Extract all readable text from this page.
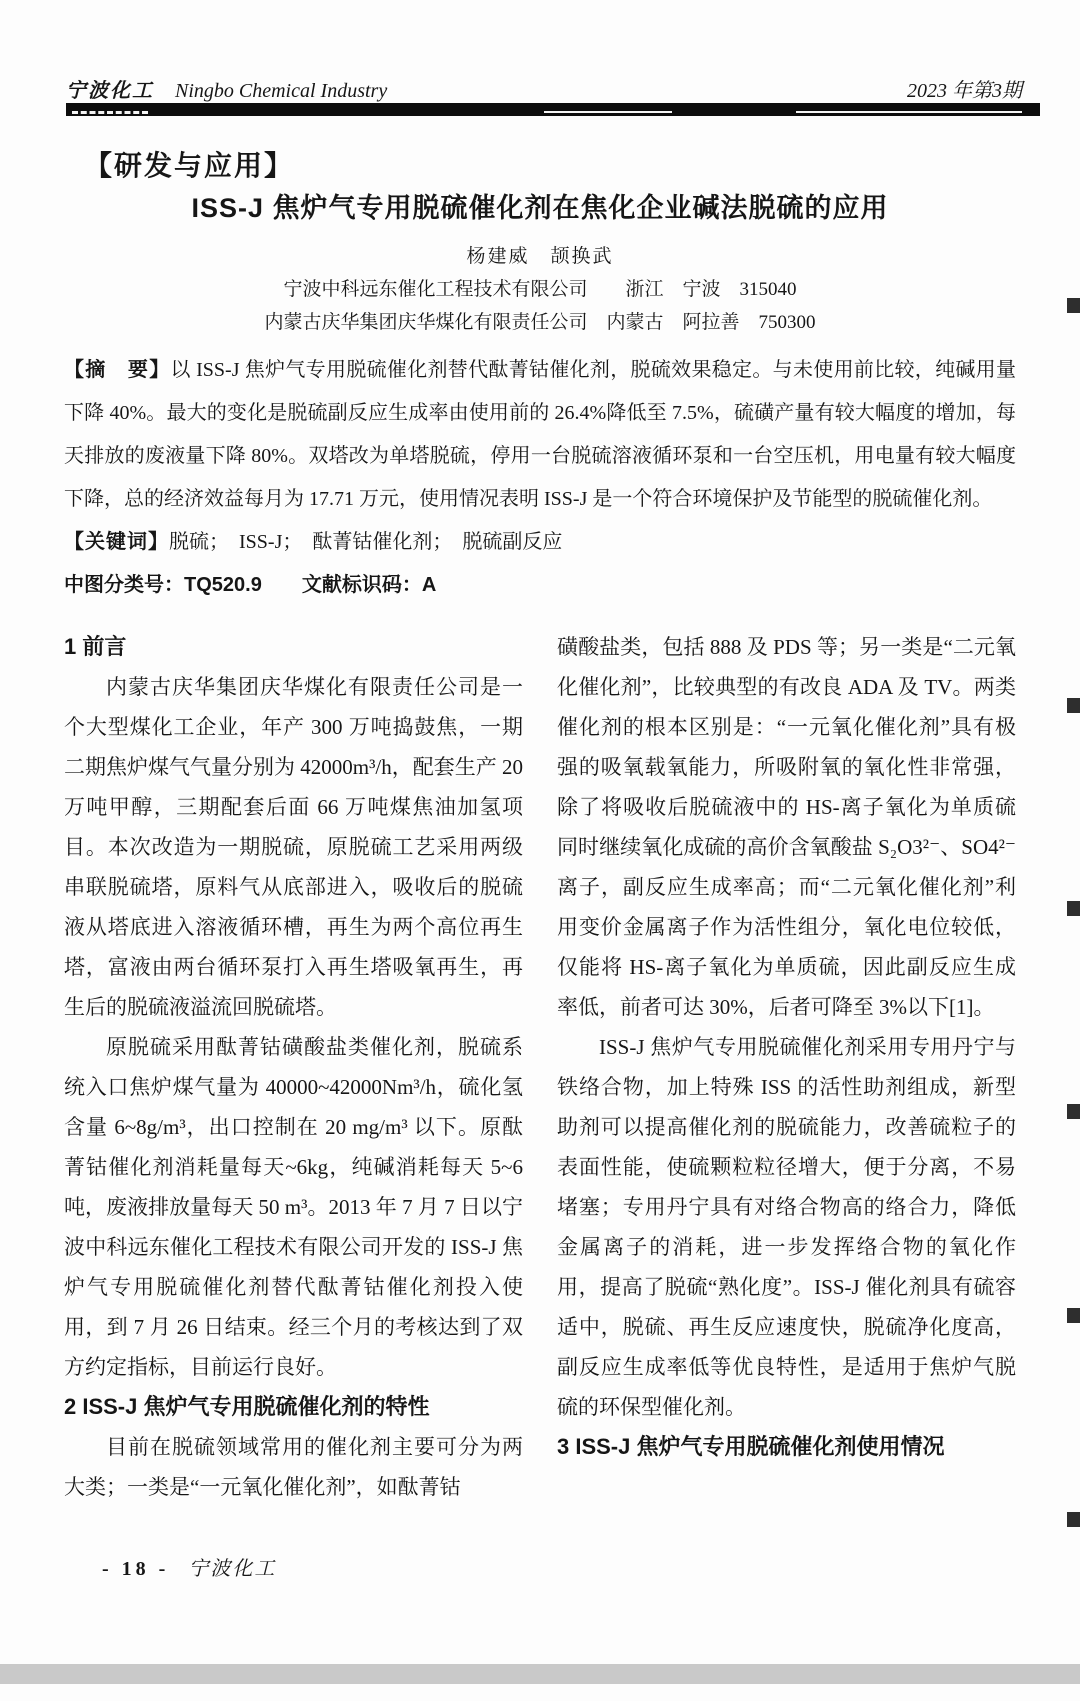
宁波化工 Ningbo Chemical Industry	2023 年第3期
【研发与应用】
ISS-J 焦炉气专用脱硫催化剂在焦化企业碱法脱硫的应用
杨建威　颉换武
宁波中科远东催化工程技术有限公司　　浙江　宁波　315040
内蒙古庆华集团庆华煤化有限责任公司　内蒙古　阿拉善　750300

【摘　要】以 ISS-J 焦炉气专用脱硫催化剂替代酞菁钴催化剂，脱硫效果稳定。与未使用前比较，纯碱用量下降 40%。最大的变化是脱硫副反应生成率由使用前的 26.4%降低至 7.5%，硫磺产量有较大幅度的增加，每天排放的废液量下降 80%。双塔改为单塔脱硫，停用一台脱硫溶液循环泵和一台空压机，用电量有较大幅度下降，总的经济效益每月为 17.71 万元，使用情况表明 ISS-J 是一个符合环境保护及节能型的脱硫催化剂。

【关键词】脱硫；　ISS-J；　酞菁钴催化剂；　脱硫副反应

中图分类号：TQ520.9　　文献标识码：A

1 前言

内蒙古庆华集团庆华煤化有限责任公司是一个大型煤化工企业，年产 300 万吨捣鼓焦，一期二期焦炉煤气气量分别为 42000m³/h，配套生产 20 万吨甲醇，三期配套后面 66 万吨煤焦油加氢项目。本次改造为一期脱硫，原脱硫工艺采用两级串联脱硫塔，原料气从底部进入，吸收后的脱硫液从塔底进入溶液循环槽，再生为两个高位再生塔，富液由两台循环泵打入再生塔吸氧再生，再生后的脱硫液溢流回脱硫塔。

原脱硫采用酞菁钴磺酸盐类催化剂，脱硫系统入口焦炉煤气量为 40000~42000Nm³/h，硫化氢含量 6~8g/m³，出口控制在 20 mg/m³ 以下。原酞菁钴催化剂消耗量每天~6kg，纯碱消耗每天 5~6 吨，废液排放量每天 50 m³。2013 年 7 月 7 日以宁波中科远东催化工程技术有限公司开发的 ISS-J 焦炉气专用脱硫催化剂替代酞菁钴催化剂投入使用，到 7 月 26 日结束。经三个月的考核达到了双方约定指标，目前运行良好。

2 ISS-J 焦炉气专用脱硫催化剂的特性

目前在脱硫领域常用的催化剂主要可分为两大类；一类是“一元氧化催化剂”，如酞菁钴

磺酸盐类，包括 888 及 PDS 等；另一类是“二元氧化催化剂”，比较典型的有改良 ADA 及 TV。两类催化剂的根本区别是：“一元氧化催化剂”具有极强的吸氧载氧能力，所吸附氧的氧化性非常强，除了将吸收后脱硫液中的 HS-离子氧化为单质硫同时继续氧化成硫的高价含氧酸盐 S₂O3²⁻、SO4²⁻离子，副反应生成率高；而“二元氧化催化剂”利用变价金属离子作为活性组分，氧化电位较低，仅能将 HS-离子氧化为单质硫，因此副反应生成率低，前者可达 30%，后者可降至 3%以下[1]。

ISS-J 焦炉气专用脱硫催化剂采用专用丹宁与铁络合物，加上特殊 ISS 的活性助剂组成，新型助剂可以提高催化剂的脱硫能力，改善硫粒子的表面性能，使硫颗粒粒径增大，便于分离，不易堵塞；专用丹宁具有对络合物高的络合力，降低金属离子的消耗，进一步发挥络合物的氧化作用，提高了脱硫“熟化度”。ISS-J 催化剂具有硫容适中，脱硫、再生反应速度快，脱硫净化度高，副反应生成率低等优良特性，是适用于焦炉气脱硫的环保型催化剂。

3 ISS-J 焦炉气专用脱硫催化剂使用情况
- 18 - 宁波化工
